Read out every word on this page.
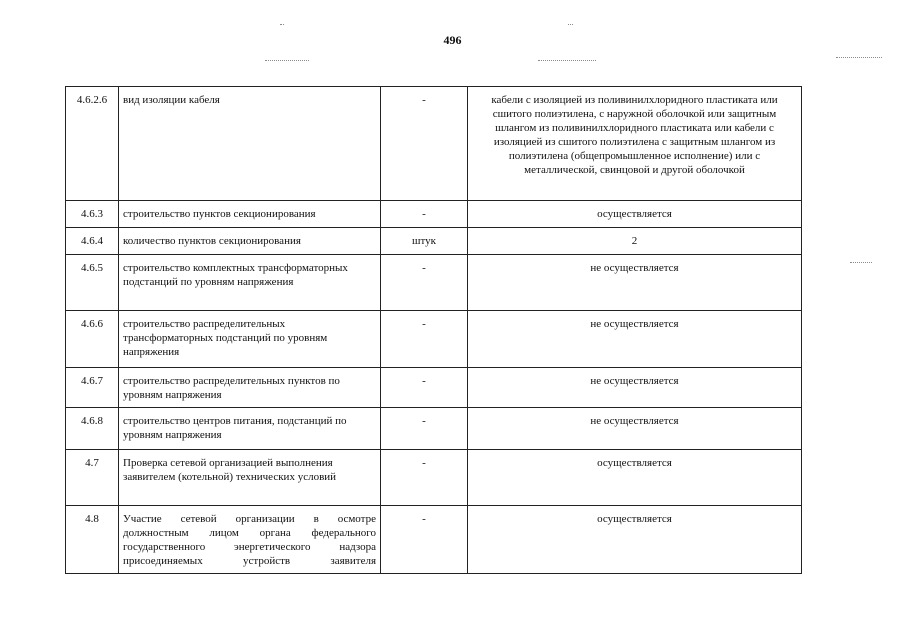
496
4.6.2.6	вид изоляции кабеля	-	кабели с изоляцией из поливинилхлоридного пластиката или сшитого полиэтилена, с наружной оболочкой или защитным шлангом из поливинилхлоридного пластиката или кабели с изоляцией из сшитого полиэтилена с защитным шлангом из полиэтилена (общепромышленное исполнение) или с металлической, свинцовой и другой оболочкой
4.6.3	строительство пунктов секционирования	-	осуществляется
4.6.4	количество пунктов секционирования	штук	2
4.6.5	строительство комплектных трансформаторных подстанций по уровням напряжения	-	не осуществляется
4.6.6	строительство распределительных трансформаторных подстанций по уровням напряжения	-	не осуществляется
4.6.7	строительство распределительных пунктов по уровням напряжения	-	не осуществляется
4.6.8	строительство центров питания, подстанций по уровням напряжения	-	не осуществляется
4.7	Проверка сетевой организацией выполнения заявителем (котельной) технических условий	-	осуществляется
4.8	Участие сетевой организации в осмотре должностным лицом органа федерального государственного энергетического надзора присоединяемых устройств заявителя	-	осуществляется
